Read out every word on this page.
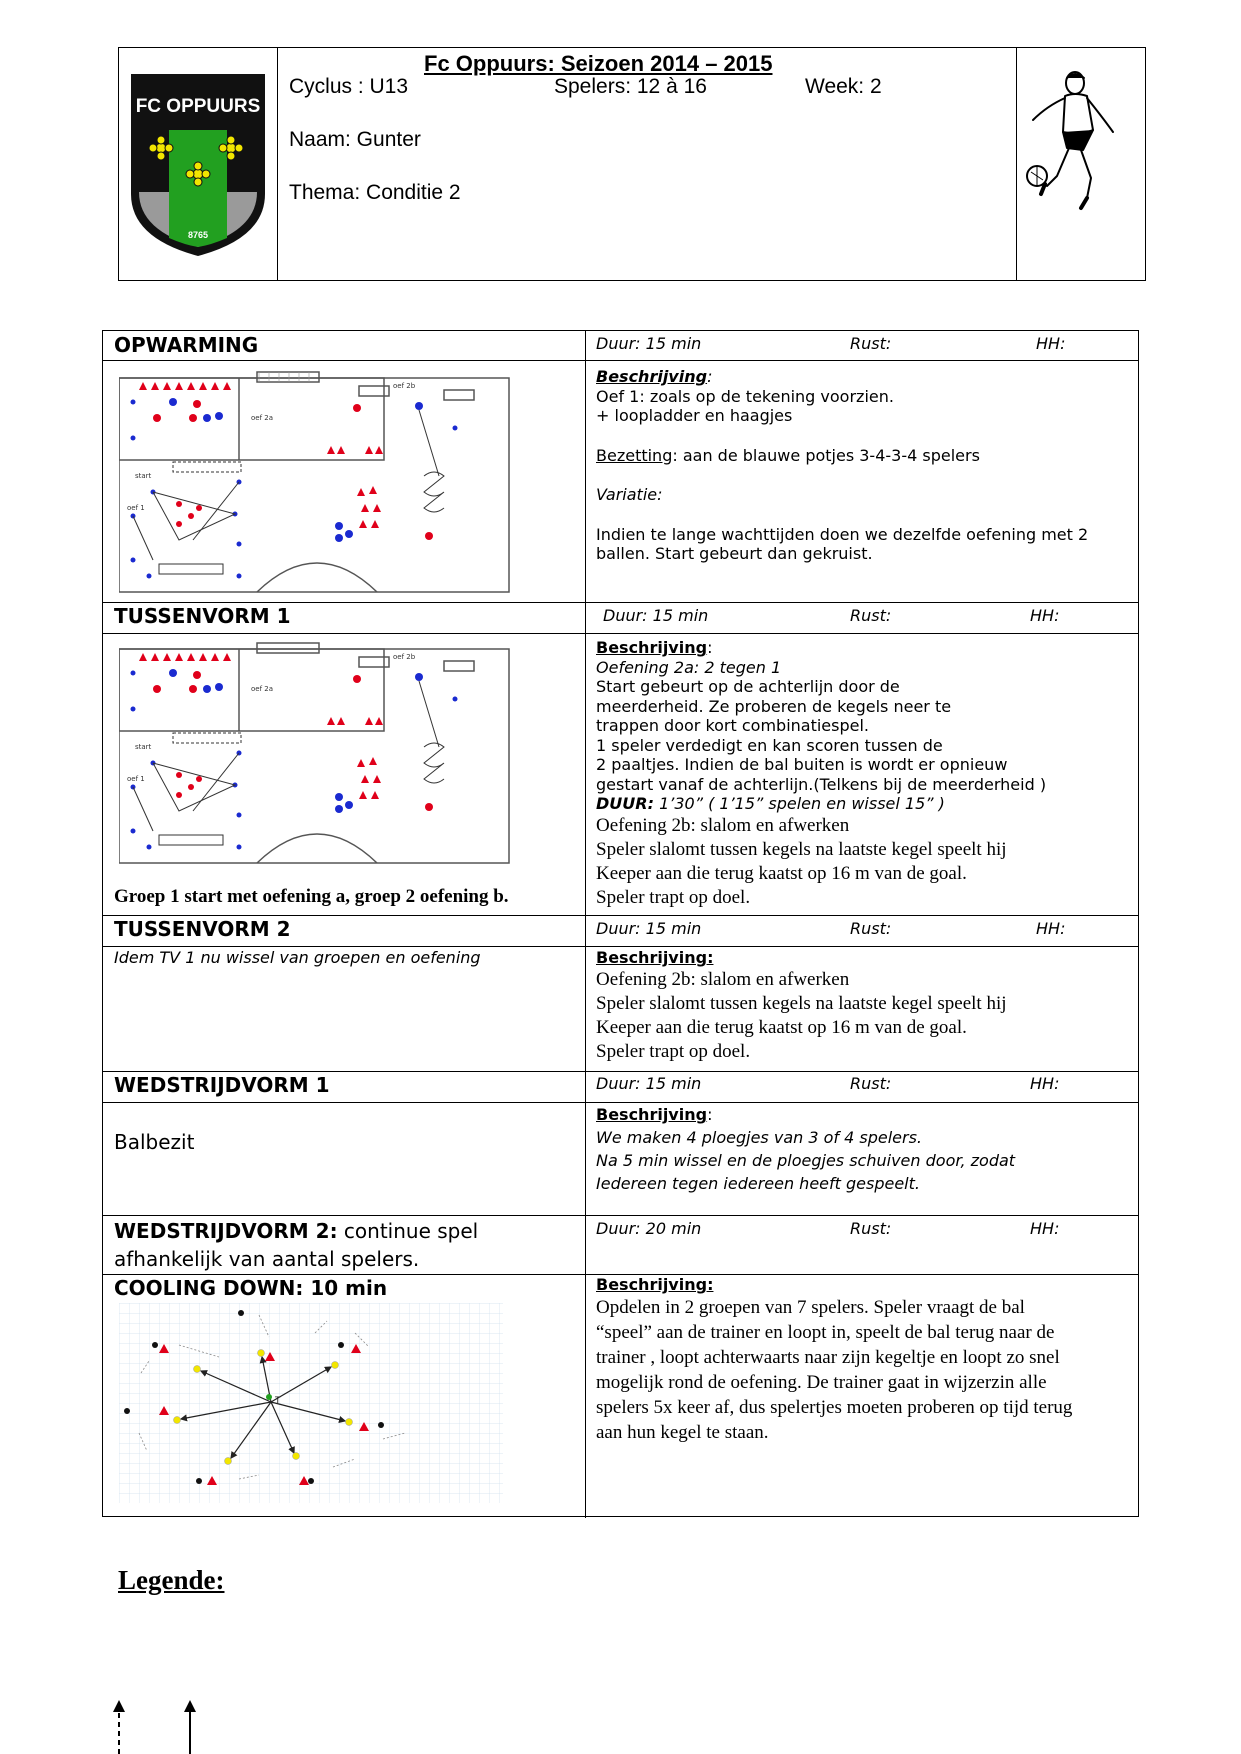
FC OPPUURS
8765
Fc Oppuurs: Seizoen 2014 – 2015
Cyclus : U13	Spelers: 12 à 16	Week: 2
Naam: Gunter
Thema: Conditie 2
OPWARMING	Duur: 15 min	Rust:	HH:
oef 2a
oef 2b
start
oef 1
Beschrijving:
Oef 1: zoals op de tekening voorzien.
+ loopladder en haagjes
Bezetting: aan de blauwe potjes 3-4-3-4 spelers
Variatie:
Indien te lange wachttijden doen we dezelfde oefening met 2
ballen. Start gebeurt dan gekruist.
TUSSENVORM 1	Duur: 15 min	Rust:	HH:
oef 2a
oef 2b
start
oef 1
Groep 1 start met oefening a, groep 2 oefening b.
Beschrijving:
Oefening 2a: 2 tegen 1
Start gebeurt op de achterlijn door de
meerderheid. Ze proberen de kegels neer te
trappen door kort combinatiespel.
1 speler verdedigt en kan scoren tussen de
2 paaltjes. Indien de bal buiten is wordt er opnieuw
gestart vanaf de achterlijn.(Telkens bij de meerderheid )
DUUR: 1’30” ( 1’15” spelen en wissel 15” )
Oefening 2b: slalom en afwerken
Speler slalomt tussen kegels na laatste kegel speelt hij
Keeper aan die terug kaatst op 16 m van de goal.
Speler trapt op doel.
TUSSENVORM 2	Duur: 15 min	Rust:	HH:
Idem TV 1 nu wissel van groepen en oefening	Beschrijving:
Oefening 2b: slalom en afwerken
Speler slalomt tussen kegels na laatste kegel speelt hij
Keeper aan die terug kaatst op 16 m van de goal.
Speler trapt op doel.
WEDSTRIJDVORM 1	Duur: 15 min	Rust:	HH:
Balbezit
Beschrijving:
We maken 4 ploegjes van 3 of 4 spelers.
Na 5 min wissel en de ploegjes schuiven door, zodat
Iedereen tegen iedereen heeft gespeelt.
WEDSTRIJDVORM 2: continue spel
afhankelijk van aantal spelers.
Duur: 20 min	Rust:	HH:
COOLING DOWN: 10 min
T
Beschrijving:
Opdelen in 2 groepen van 7 spelers. Speler vraagt de bal
“speel” aan de trainer en loopt in, speelt de bal terug naar de
trainer , loopt achterwaarts naar zijn kegeltje en loopt zo snel
mogelijk rond de oefening. De trainer gaat in wijzerzin alle
spelers 5x keer af, dus spelertjes moeten proberen op tijd terug
aan hun kegel te staan.
Legende:
